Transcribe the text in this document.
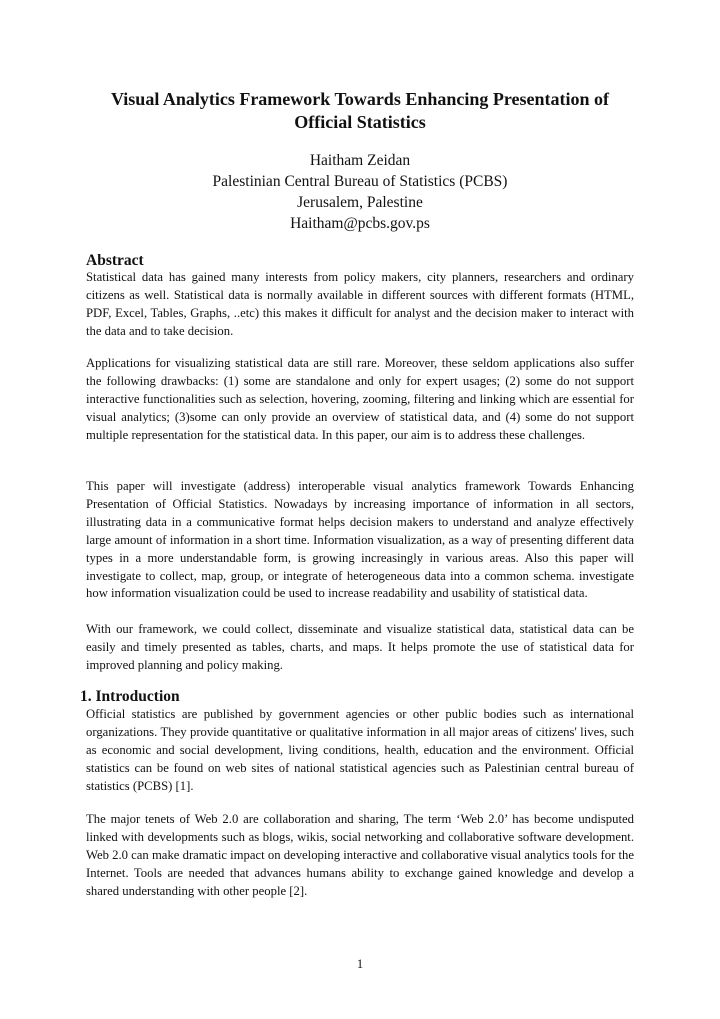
Visual Analytics Framework Towards Enhancing Presentation of
Official Statistics
Haitham Zeidan
Palestinian Central Bureau of Statistics (PCBS)
Jerusalem, Palestine
Haitham@pcbs.gov.ps
Abstract

Statistical data has gained many interests from policy makers, city planners, researchers and ordinary citizens as well. Statistical data is normally available in different sources with different formats (HTML, PDF, Excel, Tables, Graphs, ..etc) this makes it difficult for analyst and the decision maker to interact with the data and to take decision.

Applications for visualizing statistical data are still rare. Moreover, these seldom applications also suffer the following drawbacks: (1) some are standalone and only for expert usages; (2) some do not support interactive functionalities such as selection, hovering, zooming, filtering and linking which are essential for visual analytics; (3)some can only provide an overview of statistical data, and (4) some do not support multiple representation for the statistical data. In this paper, our aim is to address these challenges.

This paper will investigate (address) interoperable visual analytics framework Towards Enhancing Presentation of Official Statistics. Nowadays by increasing importance of information in all sectors, illustrating data in a communicative format helps decision makers to understand and analyze effectively large amount of information in a short time. Information visualization, as a way of presenting different data types in a more understandable form, is growing increasingly in various areas. Also this paper will investigate to collect, map, group, or integrate of heterogeneous data into a common schema. investigate how information visualization could be used to increase readability and usability of statistical data.

With our framework, we could collect, disseminate and visualize statistical data, statistical data can be easily and timely presented as tables, charts, and maps. It helps promote the use of statistical data for improved planning and policy making.

1. Introduction

Official statistics are published by government agencies or other public bodies such as international organizations. They provide quantitative or qualitative information in all major areas of citizens' lives, such as economic and social development, living conditions, health, education and the environment. Official statistics can be found on web sites of national statistical agencies such as Palestinian central bureau of statistics (PCBS) [1].

The major tenets of Web 2.0 are collaboration and sharing, The term ‘Web 2.0’ has become undisputed linked with developments such as blogs, wikis, social networking and collaborative software development. Web 2.0 can make dramatic impact on developing interactive and collaborative visual analytics tools for the Internet. Tools are needed that advances humans ability to exchange gained knowledge and develop a shared understanding with other people [2].

1
